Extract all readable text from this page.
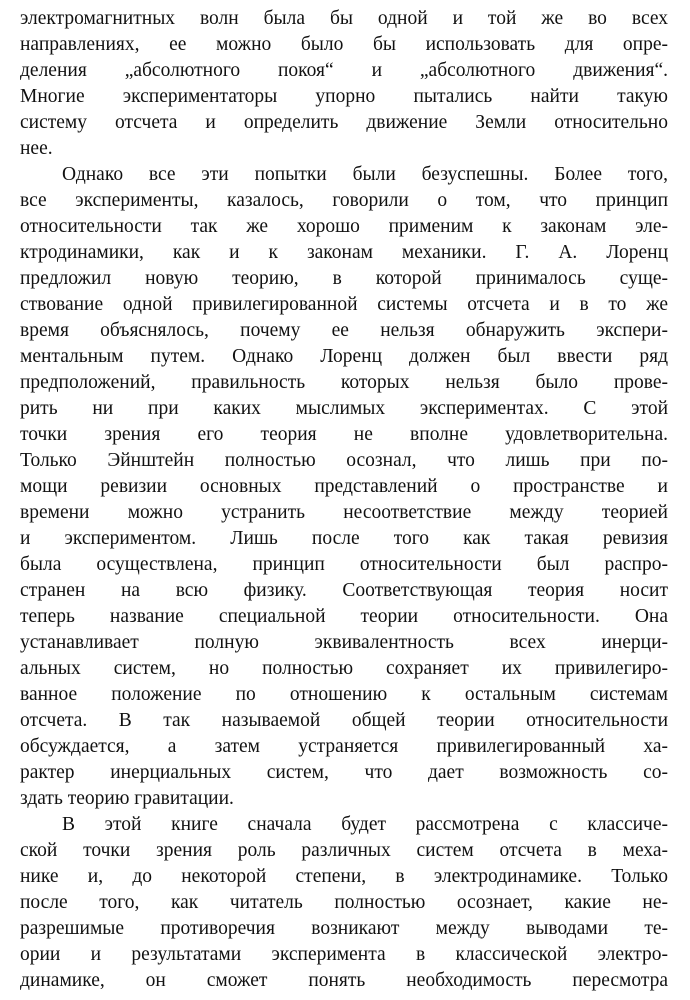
электромагнитных волн была бы одной и той же во всех
направлениях, ее можно было бы использовать для опре-
деления „абсолютного покоя“ и „абсолютного движения“.
Многие экспериментаторы упорно пытались найти такую
систему отсчета и определить движение Земли относительно
нее.
Однако все эти попытки были безуспешны. Более того,
все эксперименты, казалось, говорили о том, что принцип
относительности так же хорошо применим к законам эле-
ктродинамики, как и к законам механики. Г. А. Лоренц
предложил новую теорию, в которой принималось суще-
ствование одной привилегированной системы отсчета и в то же
время объяснялось, почему ее нельзя обнаружить экспери-
ментальным путем. Однако Лоренц должен был ввести ряд
предположений, правильность которых нельзя было прове-
рить ни при каких мыслимых экспериментах. С этой
точки зрения его теория не вполне удовлетворительна.
Только Эйнштейн полностью осознал, что лишь при по-
мощи ревизии основных представлений о пространстве и
времени можно устранить несоответствие между теорией
и экспериментом. Лишь после того как такая ревизия
была осуществлена, принцип относительности был распро-
странен на всю физику. Соответствующая теория носит
теперь название специальной теории относительности. Она
устанавливает полную эквивалентность всех инерци-
альных систем, но полностью сохраняет их привилегиро-
ванное положение по отношению к остальным системам
отсчета. В так называемой общей теории относительности
обсуждается, а затем устраняется привилегированный ха-
рактер инерциальных систем, что дает возможность со-
здать теорию гравитации.
В этой книге сначала будет рассмотрена с классиче-
ской точки зрения роль различных систем отсчета в меха-
нике и, до некоторой степени, в электродинамике. Только
после того, как читатель полностью осознает, какие не-
разрешимые противоречия возникают между выводами те-
ории и результатами эксперимента в классической электро-
динамике, он сможет понять необходимость пересмотра
